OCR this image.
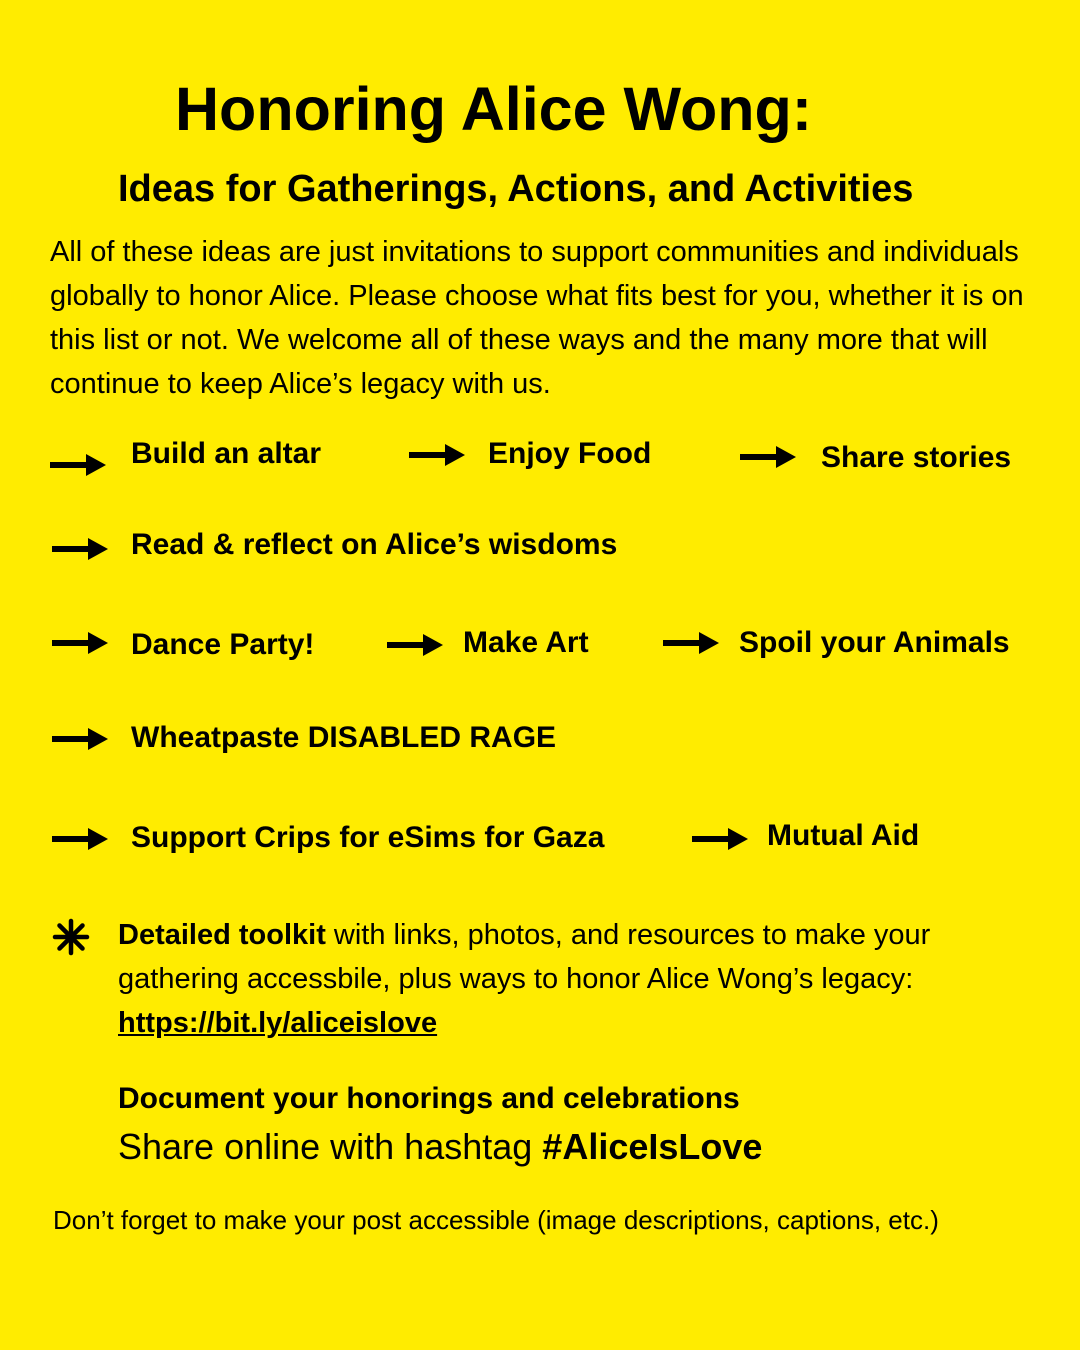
Honoring Alice Wong:
Ideas for Gatherings, Actions, and Activities
All of these ideas are just invitations to support communities and individuals globally to honor Alice. Please choose what fits best for you, whether it is on this list or not. We welcome all of these ways and the many more that will continue to keep Alice’s legacy with us.
Build an altar	Enjoy Food	Share stories
Read & reflect on Alice’s wisdoms
Dance Party!	Make Art	Spoil your Animals
Wheatpaste DISABLED RAGE
Support Crips for eSims for Gaza	Mutual Aid
Detailed toolkit with links, photos, and resources to make your gathering accessbile, plus ways to honor Alice Wong’s legacy:
https://bit.ly/aliceislove
Document your honorings and celebrations
Share online with hashtag #AliceIsLove
Don’t forget to make your post accessible (image descriptions, captions, etc.)
